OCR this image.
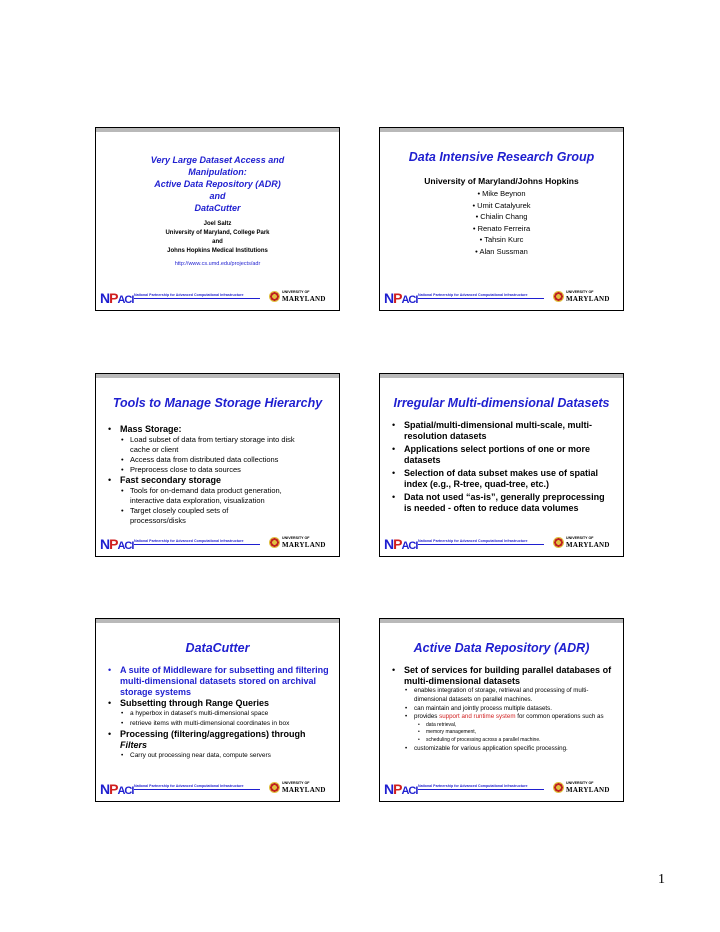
Very Large Dataset Access and
Manipulation:
Active Data Repository (ADR)
and
DataCutter
Joel Saltz
University of Maryland, College Park
and
Johns Hopkins Medical Institutions
http://www.cs.umd.edu/projects/adr
NPACI National Partnership for Advanced Computational Infrastructure
UNIVERSITY OF
MARYLAND
Data Intensive Research Group
University of Maryland/Johns Hopkins
• Mike Beynon
• Umit Catalyurek
• Chialin Chang
• Renato Ferreira
• Tahsin Kurc
• Alan Sussman
NPACI National Partnership for Advanced Computational Infrastructure
UNIVERSITY OF
MARYLAND
Tools to Manage Storage Hierarchy
• Mass Storage:
• Load subset of data from tertiary storage into disk cache or client
• Access data from distributed data collections
• Preprocess close to data sources
• Fast secondary storage
• Tools for on-demand data product generation, interactive data exploration, visualization
• Target closely coupled sets of processors/disks
NPACI National Partnership for Advanced Computational Infrastructure
UNIVERSITY OF
MARYLAND
Irregular Multi-dimensional Datasets
• Spatial/multi-dimensional multi-scale, multi-resolution datasets
• Applications select portions of one or more datasets
• Selection of data subset makes use of spatial index (e.g., R-tree, quad-tree, etc.)
• Data not used “as-is”, generally preprocessing is needed - often to reduce data volumes
NPACI National Partnership for Advanced Computational Infrastructure
UNIVERSITY OF
MARYLAND
DataCutter
• A suite of Middleware for subsetting and filtering multi-dimensional datasets stored on archival storage systems
• Subsetting through Range Queries
• a hyperbox in dataset’s multi-dimensional space
• retrieve items with multi-dimensional coordinates in box
• Processing (filtering/aggregations) through
Filters
• Carry out processing near data, compute servers
NPACI National Partnership for Advanced Computational Infrastructure
UNIVERSITY OF
MARYLAND
Active Data Repository (ADR)
• Set of services for building parallel databases of multi-dimensional datasets
• enables integration of storage, retrieval and processing of multi-dimensional datasets on parallel machines.
• can maintain and jointly process multiple datasets.
• provides support and runtime system for common operations such as
• data retrieval,
• memory management,
• scheduling of processing across a parallel machine.
• customizable for various application specific processing.
NPACI National Partnership for Advanced Computational Infrastructure
UNIVERSITY OF
MARYLAND
1
